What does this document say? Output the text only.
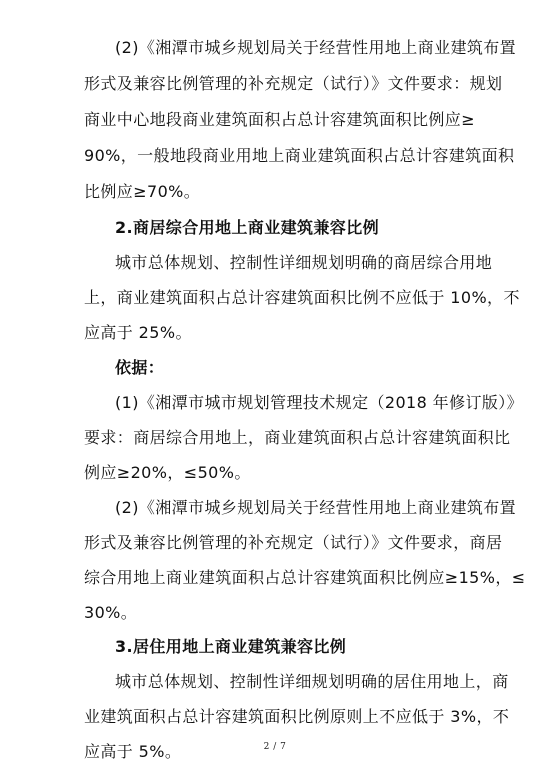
(2)《湘潭市城乡规划局关于经营性用地上商业建筑布置
形式及兼容比例管理的补充规定（试行）》文件要求：规划
商业中心地段商业建筑面积占总计容建筑面积比例应≥
90%，一般地段商业用地上商业建筑面积占总计容建筑面积
比例应≥70%。
2.商居综合用地上商业建筑兼容比例
城市总体规划、控制性详细规划明确的商居综合用地
上，商业建筑面积占总计容建筑面积比例不应低于 10%，不
应高于 25%。
依据：
(1)《湘潭市城市规划管理技术规定（2018 年修订版）》
要求：商居综合用地上，商业建筑面积占总计容建筑面积比
例应≥20%，≤50%。
(2)《湘潭市城乡规划局关于经营性用地上商业建筑布置
形式及兼容比例管理的补充规定（试行）》文件要求，商居
综合用地上商业建筑面积占总计容建筑面积比例应≥15%，≤
30%。
3.居住用地上商业建筑兼容比例
城市总体规划、控制性详细规划明确的居住用地上，商
业建筑面积占总计容建筑面积比例原则上不应低于 3%，不
应高于 5%。	2 / 7
